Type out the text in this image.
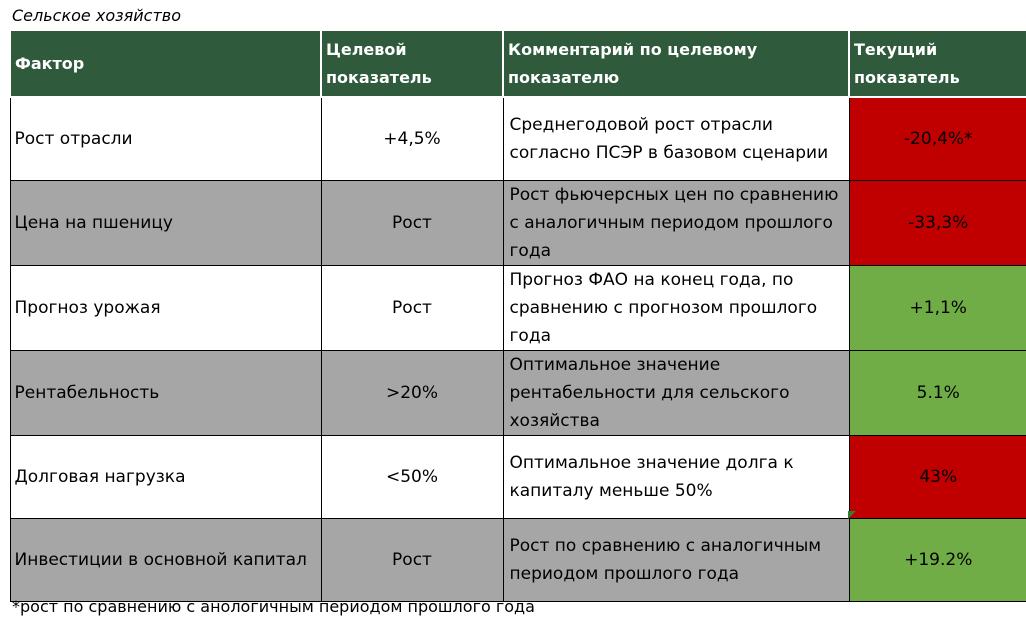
Сельское хозяйство
Фактор	Целевой показатель	Комментарий по целевому показателю	Текущий показатель
Рост отрасли	+4,5%	Среднегодовой рост отрасли согласно ПСЭР в базовом сценарии	-20,4%*
Цена на пшеницу	Рост	Рост фьючерсных цен по сравнению с аналогичным периодом прошлого года	-33,3%
Прогноз урожая	Рост	Прогноз ФАО на конец года, по сравнению с прогнозом прошлого года	+1,1%
Рентабельность	>20%	Оптимальное значение рентабельности для сельского хозяйства	5.1%
Долговая нагрузка	<50%	Оптимальное значение долга к капиталу меньше 50%	43%
Инвестиции в основной капитал	Рост	Рост по сравнению с аналогичным периодом прошлого года	+19.2%
*рост по сравнению с анологичным периодом прошлого года
